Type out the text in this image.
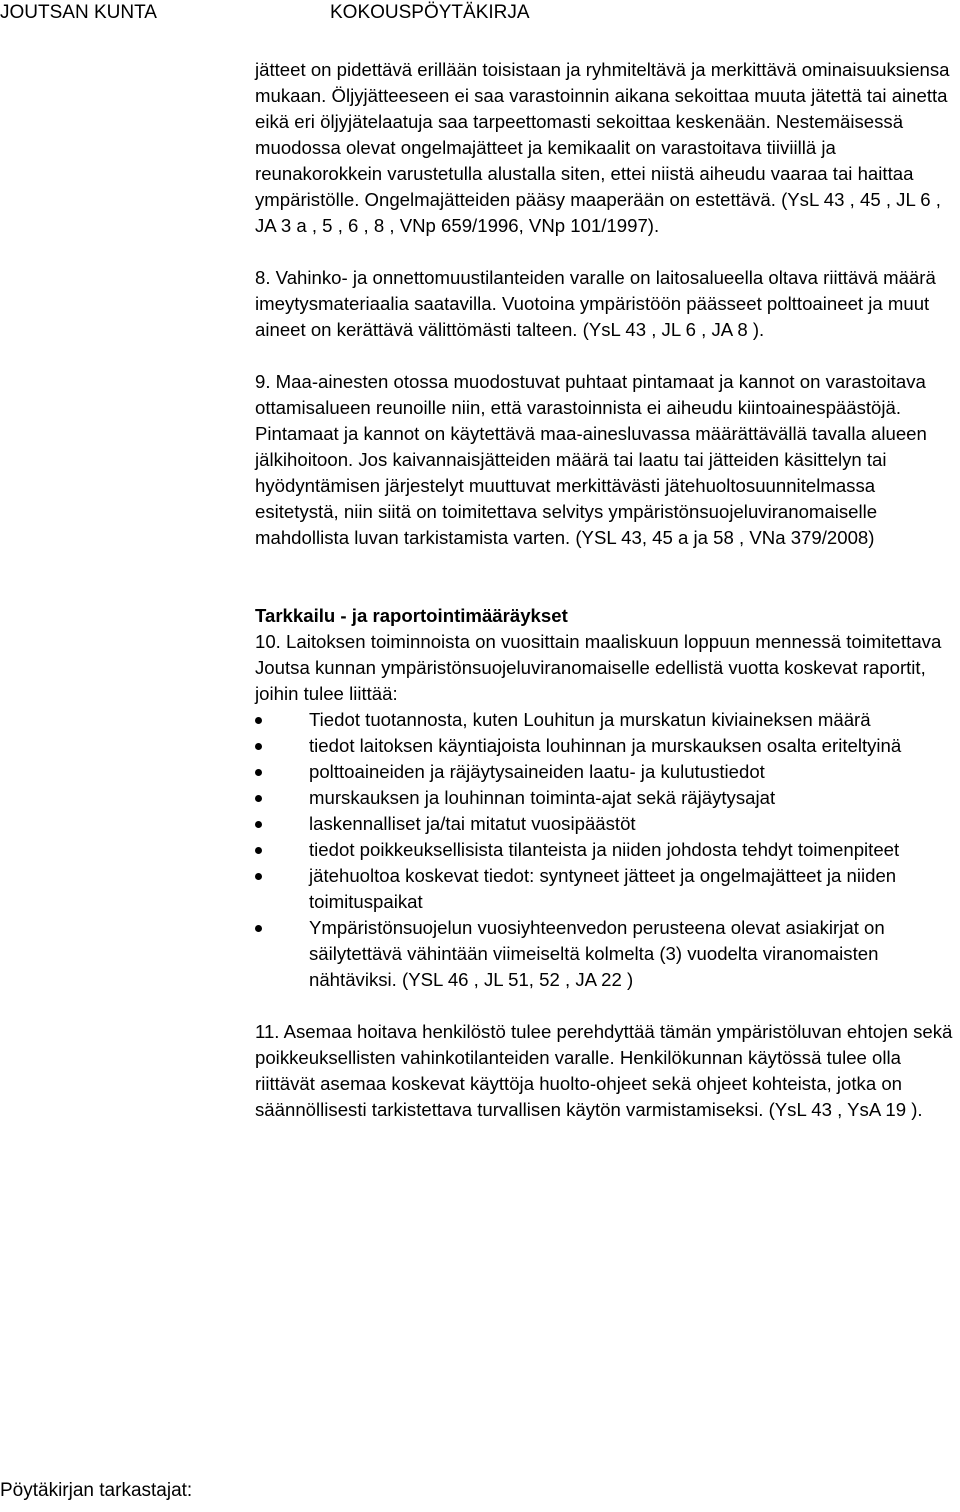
JOUTSAN KUNTA	KOKOUSPÖYTÄKIRJA

jätteet on pidettävä erillään toisistaan ja ryhmiteltävä ja merkittävä ominaisuuksiensa mukaan. Öljyjätteeseen ei saa varastoinnin aikana sekoittaa muuta jätettä tai ainetta eikä eri öljyjätelaatuja saa tarpeettomasti sekoittaa keskenään. Nestemäisessä muodossa olevat ongelmajätteet ja kemikaalit on varastoitava tiiviillä ja reunakorokkein varustetulla alustalla siten, ettei niistä aiheudu vaaraa tai haittaa ympäristölle. Ongelmajätteiden pääsy maaperään on estettävä. (YsL 43 , 45 , JL 6 , JA 3 a , 5 , 6 , 8 , VNp 659/1996, VNp 101/1997).

8. Vahinko- ja onnettomuustilanteiden varalle on laitosalueella oltava riittävä määrä imeytysmateriaalia saatavilla. Vuotoina ympäristöön päässeet polttoaineet ja muut aineet on kerättävä välittömästi talteen. (YsL 43 , JL 6 , JA 8 ).

9. Maa-ainesten otossa muodostuvat puhtaat pintamaat ja kannot on varastoitava ottamisalueen reunoille niin, että varastoinnista ei aiheudu kiintoainespäästöjä. Pintamaat ja kannot on käytettävä maa-ainesluvassa määrättävällä tavalla alueen jälkihoitoon. Jos kaivannaisjätteiden määrä tai laatu tai jätteiden käsittelyn tai hyödyntämisen järjestelyt muuttuvat merkittävästi jätehuoltosuunnitelmassa esitetystä, niin siitä on toimitettava selvitys ympäristönsuojeluviranomaiselle mahdollista luvan tarkistamista varten. (YSL 43, 45 a ja 58 , VNa 379/2008)

Tarkkailu - ja raportointimääräykset

10. Laitoksen toiminnoista on vuosittain maaliskuun loppuun mennessä toimitettava Joutsa kunnan ympäristönsuojeluviranomaiselle edellistä vuotta koskevat raportit, joihin tulee liittää:

Tiedot tuotannosta, kuten Louhitun ja murskatun kiviaineksen määrä
tiedot laitoksen käyntiajoista louhinnan ja murskauksen osalta eriteltyinä
polttoaineiden ja räjäytysaineiden laatu- ja kulutustiedot
murskauksen ja louhinnan toiminta-ajat sekä räjäytysajat
laskennalliset ja/tai mitatut vuosipäästöt
tiedot poikkeuksellisista tilanteista ja niiden johdosta tehdyt toimenpiteet
jätehuoltoa koskevat tiedot: syntyneet jätteet ja ongelmajätteet ja niiden toimituspaikat
Ympäristönsuojelun vuosiyhteenvedon perusteena olevat asiakirjat on säilytettävä vähintään viimeiseltä kolmelta (3) vuodelta viranomaisten nähtäviksi. (YSL 46 , JL 51, 52 , JA 22 )

11. Asemaa hoitava henkilöstö tulee perehdyttää tämän ympäristöluvan ehtojen sekä poikkeuksellisten vahinkotilanteiden varalle. Henkilökunnan käytössä tulee olla riittävät asemaa koskevat käyttöja huolto-ohjeet sekä ohjeet kohteista, jotka on säännöllisesti tarkistettava turvallisen käytön varmistamiseksi. (YsL 43 , YsA 19 ).

Pöytäkirjan tarkastajat:
